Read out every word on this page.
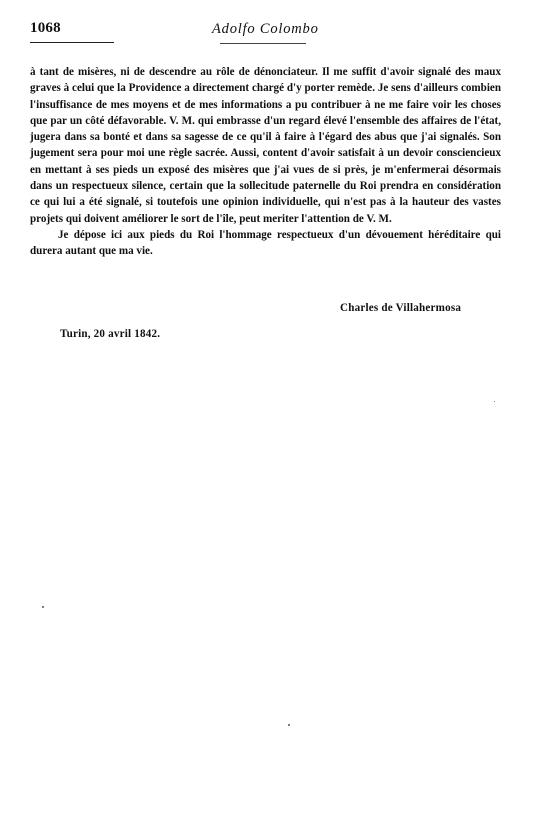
1068	Adolfo Colombo

à tant de misères, ni de descendre au rôle de dénonciateur. Il me suffit d'avoir signalé des maux graves à celui que la Providence a directement chargé d'y porter remède. Je sens d'ailleurs combien l'insuffisance de mes moyens et de mes informations a pu contribuer à ne me faire voir les choses que par un côté défavorable. V. M. qui embrasse d'un regard élevé l'ensemble des affaires de l'état, jugera dans sa bonté et dans sa sagesse de ce qu'il à faire à l'égard des abus que j'ai signalés. Son jugement sera pour moi une règle sacrée. Aussi, content d'avoir satisfait à un devoir consciencieux en mettant à ses pieds un exposé des misères que j'ai vues de si près, je m'enfermerai désormais dans un respectueux silence, certain que la sollecitude paternelle du Roi prendra en considération ce qui lui a été signalé, si toutefois une opinion individuelle, qui n'est pas à la hauteur des vastes projets qui doivent améliorer le sort de l'île, peut meriter l'attention de V. M.

Je dépose ici aux pieds du Roi l'hommage respectueux d'un dévouement héréditaire qui durera autant que ma vie.

Charles de Villahermosa
Turin, 20 avril 1842.
